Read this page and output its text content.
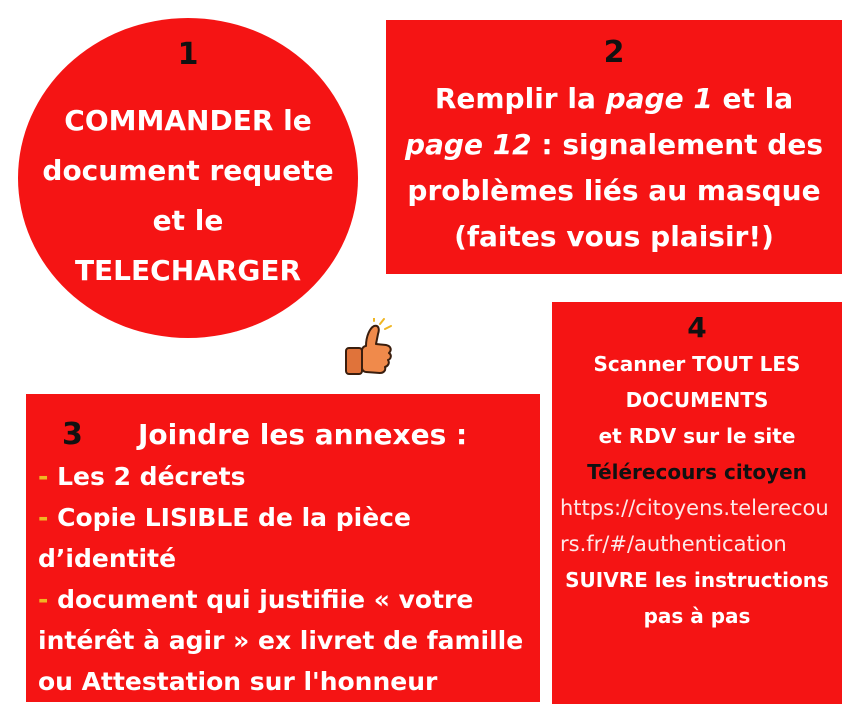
1
COMMANDER le document requete et le TELECHARGER
2
Remplir la page 1 et la page 12 : signalement des problèmes liés au masque (faites vous plaisir!)
3 Joindre les annexes :
- Les 2 décrets
- Copie LISIBLE de la pièce d’identité
- document qui justifiie « votre intérêt à agir » ex livret de famille ou Attestation sur l'honneur
4
Scanner TOUT LES DOCUMENTS
et RDV sur le site
Télérecours citoyen
https://citoyens.telerecours.fr/#/authentication
SUIVRE les instructions pas à pas
